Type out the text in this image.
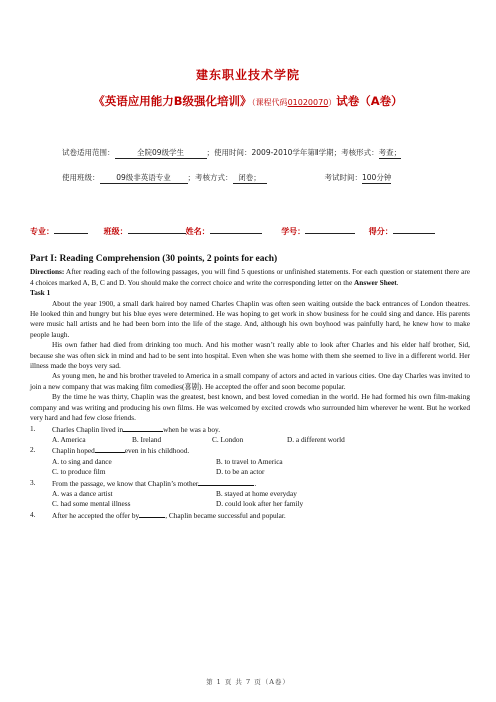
建东职业技术学院
《英语应用能力B级强化培训》（课程代码01020070）试卷（A卷）
试卷适用范围：	全院09级学生	；使用时间：2009-2010学年第Ⅱ学期；考核形式：考查；
使用班级： 09级非英语专业 ；考核方式： 闭卷；	考试时间：100分钟
专业：	班级：	姓名：	学号：	得分：

Part I: Reading Comprehension (30 points, 2 points for each)

Directions: After reading each of the following passages, you will find 5 questions or unfinished statements. For each question or statement there are 4 choices marked A, B, C and D. You should make the correct choice and write the corresponding letter on the Answer Sheet.

Task 1

About the year 1900, a small dark haired boy named Charles Chaplin was often seen waiting outside the back entrances of London theatres. He looked thin and hungry but his blue eyes were determined. He was hoping to get work in show business for he could sing and dance. His parents were music hall artists and he had been born into the life of the stage. And, although his own boyhood was painfully hard, he knew how to make people laugh.

His own father had died from drinking too much. And his mother wasn’t really able to look after Charles and his elder half brother, Sid, because she was often sick in mind and had to be sent into hospital. Even when she was home with them she seemed to live in a different world. Her illness made the boys very sad.

As young men, he and his brother traveled to America in a small company of actors and acted in various cities. One day Charles was invited to join a new company that was making film comedies(喜剧). He accepted the offer and soon become popular.

By the time he was thirty, Chaplin was the greatest, best known, and best loved comedian in the world. He had formed his own film-making company and was writing and producing his own films. He was welcomed by excited crowds who surrounded him wherever he went. But he worked very hard and had few close friends.

1.	Charles Chaplin lived in	when he was a boy.
A. America	B. Ireland	C. London	D. a different world
2.	Chaplin hoped	even in his childhood.
A. to sing and dance	B. to travel to America
C. to produce film	D. to be an actor
3.	From the passage, we know that Chaplin’s mother	.
A. was a dance artist	B. stayed at home everyday
C. had some mental illness	D. could look after her family
4.	After he accepted the offer by	, Chaplin became successful and popular.
第 1 页 共 7 页（A卷）
